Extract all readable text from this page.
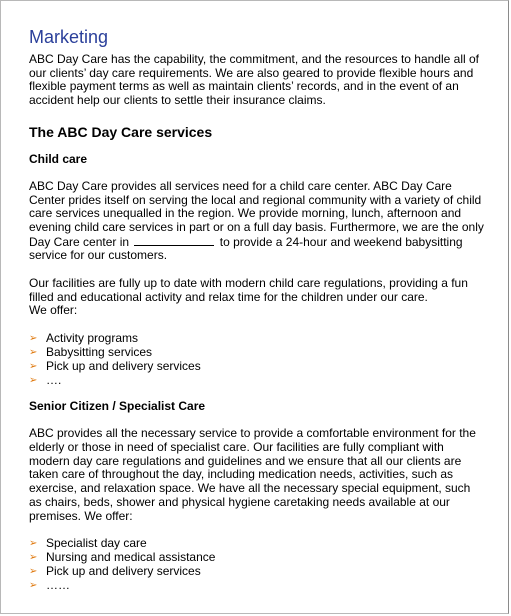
Marketing

ABC Day Care has the capability, the commitment, and the resources to handle all of our clients’ day care requirements. We are also geared to provide flexible hours and flexible payment terms as well as maintain clients’ records, and in the event of an accident help our clients to settle their insurance claims.

The ABC Day Care services
Child care

ABC Day Care provides all services need for a child care center. ABC Day Care Center prides itself on serving the local and regional community with a variety of child care services unequalled in the region. We provide morning, lunch, afternoon and evening child care services in part or on a full day basis. Furthermore, we are the only Day Care center in	to provide a 24-hour and weekend babysitting service for our customers.

Our facilities are fully up to date with modern child care regulations, providing a fun filled and educational activity and relax time for the children under our care.

We offer:

➢ Activity programs
➢ Babysitting services
➢ Pick up and delivery services
➢ ….
Senior Citizen / Specialist Care

ABC provides all the necessary service to provide a comfortable environment for the elderly or those in need of specialist care. Our facilities are fully compliant with modern day care regulations and guidelines and we ensure that all our clients are taken care of throughout the day, including medication needs, activities, such as exercise, and relaxation space. We have all the necessary special equipment, such as chairs, beds, shower and physical hygiene caretaking needs available at our premises. We offer:

➢ Specialist day care
➢ Nursing and medical assistance
➢ Pick up and delivery services
➢ ……
